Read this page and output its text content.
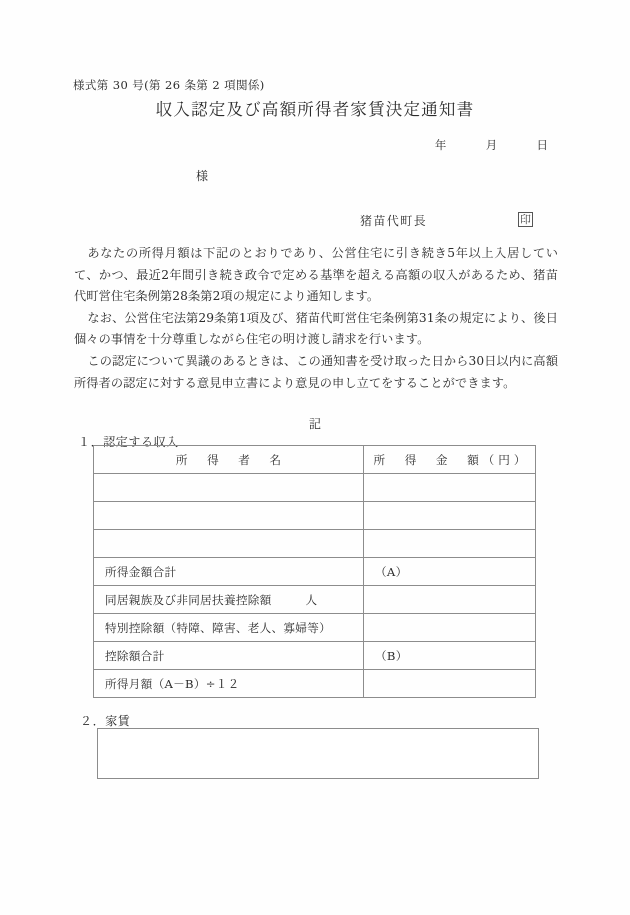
様式第 30 号(第 26 条第 2 項関係)
収入認定及び高額所得者家賃決定通知書
年	月	日
様
猪苗代町長	印

あなたの所得月額は下記のとおりであり、公営住宅に引き続き5年以上入居していて、かつ、最近2年間引き続き政令で定める基準を超える高額の収入があるため、猪苗代町営住宅条例第28条第2項の規定により通知します。

なお、公営住宅法第29条第1項及び、猪苗代町営住宅条例第31条の規定により、後日個々の事情を十分尊重しながら住宅の明け渡し請求を行います。

この認定について異議のあるときは、この通知書を受け取った日から30日以内に高額所得者の認定に対する意見申立書により意見の申し立てをすることができます。

記
１．認定する収入
所　得　者　名	所　得　金　額（円）

所得金額合計	（A）
同居親族及び非同居扶養控除額 人	
特別控除額（特障、障害、老人、寡婦等）	
控除額合計	（B）
所得月額（A－B）÷１２	
２．家賃
